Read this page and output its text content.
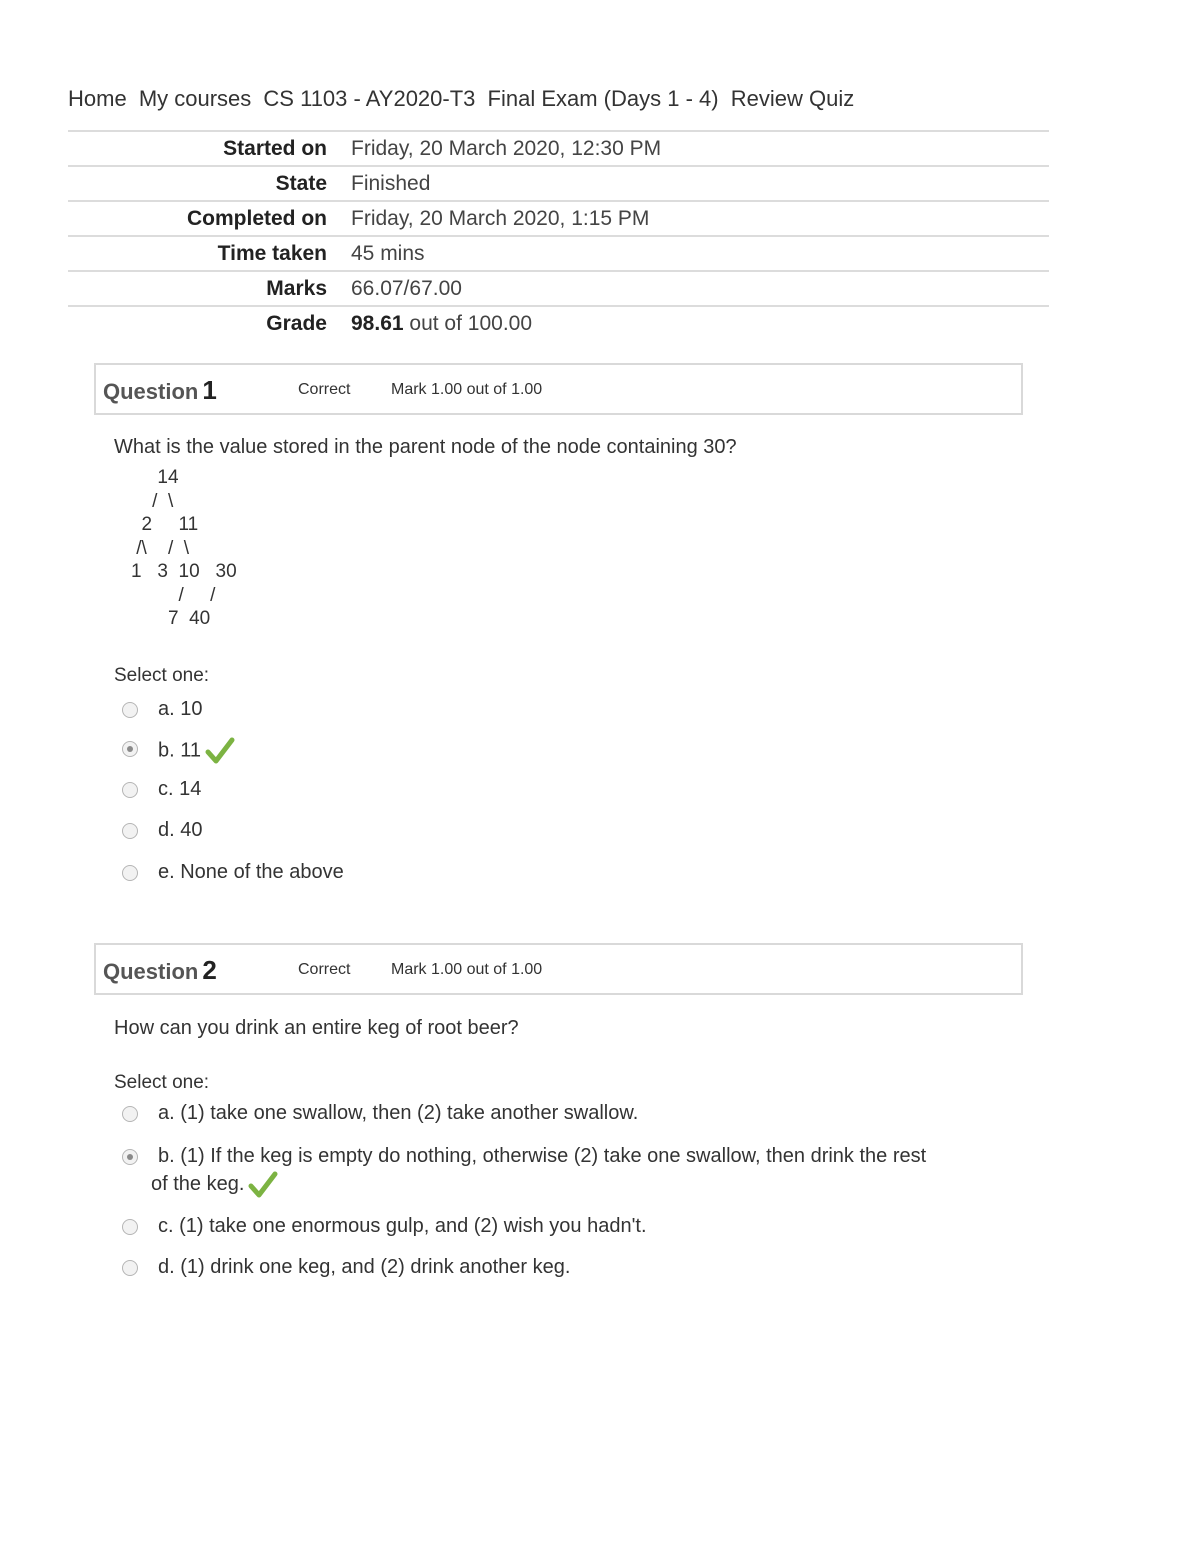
Home My courses CS 1103 - AY2020-T3 Final Exam (Days 1 - 4) Review Quiz
Started on	Friday, 20 March 2020, 12:30 PM
State	Finished
Completed on	Friday, 20 March 2020, 1:15 PM
Time taken	45 mins
Marks	66.07/67.00
Grade	98.61 out of 100.00
Question 1	Correct	Mark 1.00 out of 1.00
What is the value stored in the parent node of the node containing 30?
14
/  \
2     11
/\    /  \
1   3  10   30
/     /
7  40
Select one:
a. 10
b. 11
c. 14
d. 40
e. None of the above
Question 2	Correct	Mark 1.00 out of 1.00
How can you drink an entire keg of root beer?
Select one:
a. (1) take one swallow, then (2) take another swallow.
b. (1) If the keg is empty do nothing, otherwise (2) take one swallow, then drink the rest
of the keg.
c. (1) take one enormous gulp, and (2) wish you hadn't.
d. (1) drink one keg, and (2) drink another keg.
